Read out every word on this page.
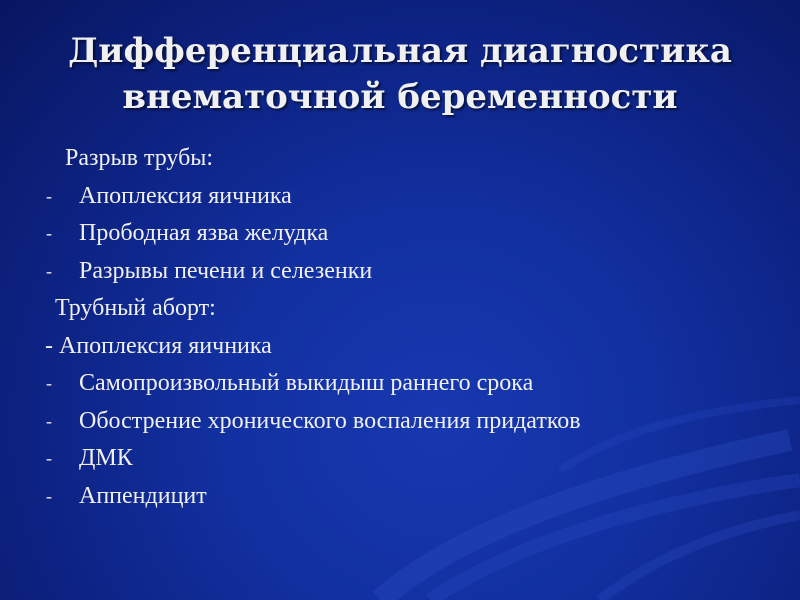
Дифференциальная диагностика
внематочной беременности
Разрыв трубы:
- Апоплексия яичника
- Прободная язва желудка
- Разрывы печени и селезенки
Трубный аборт:
- Апоплексия яичника
- Самопроизвольный выкидыш раннего срока
- Обострение хронического воспаления придатков
- ДМК
- Аппендицит
